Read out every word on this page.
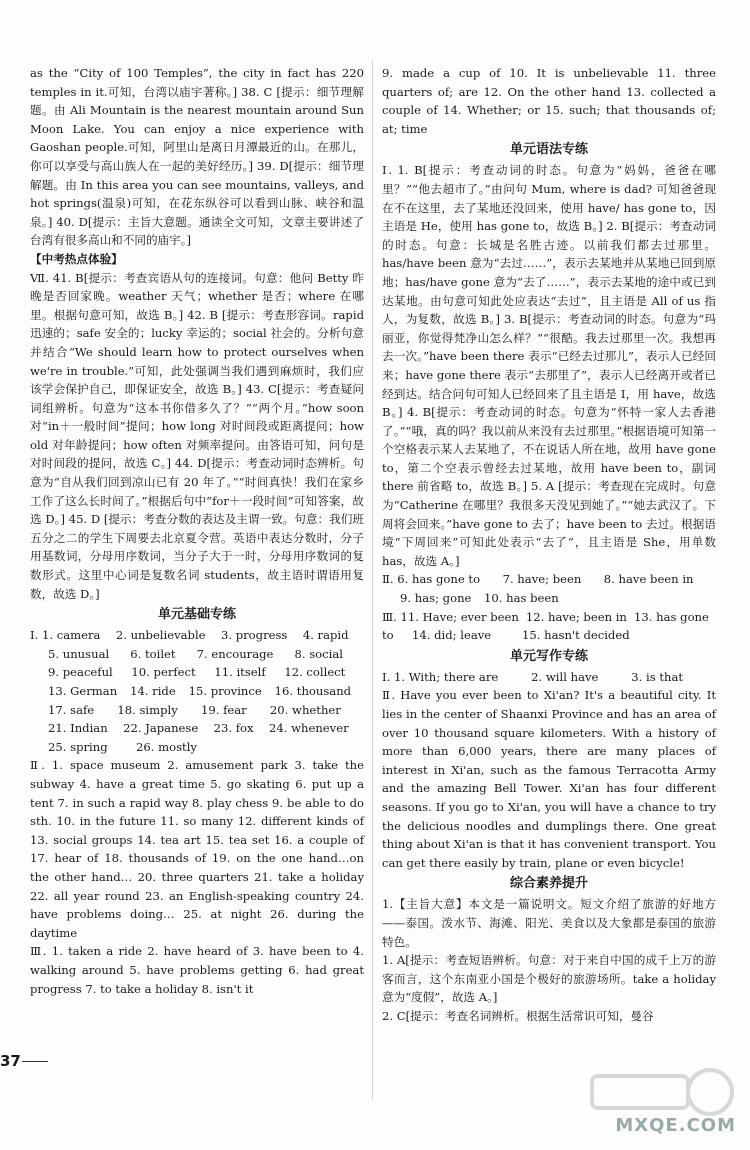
as the “City of 100 Temples”, the city in fact has 220 temples in it.可知，台湾以庙宇著称。] 38. C [提示：细节理解题。由 Ali Mountain is the nearest mountain around Sun Moon Lake. You can enjoy a nice experience with Gaoshan people.可知，阿里山是离日月潭最近的山。在那儿，你可以享受与高山族人在一起的美好经历。] 39. D[提示：细节理解题。由 In this area you can see mountains, valleys, and hot springs(温泉)可知，在花东纵谷可以看到山脉、峡谷和温泉。] 40. D[提示：主旨大意题。通读全文可知，文章主要讲述了台湾有很多高山和不同的庙宇。]
【中考热点体验】
Ⅶ. 41. B[提示：考查宾语从句的连接词。句意：他问 Betty 昨晚是否回家晚。weather 天气；whether 是否；where 在哪里。根据句意可知，故选 B。] 42. B [提示：考查形容词。rapid 迅速的；safe 安全的；lucky 幸运的；social 社会的。分析句意并结合“We should learn how to protect ourselves when we're in trouble.”可知，此处强调当我们遇到麻烦时，我们应该学会保护自己，即保证安全，故选 B。] 43. C[提示：考查疑问词组辨析。句意为“这本书你借多久了？”“两个月。”how soon 对“in＋一般时间”提问；how long 对时间段或距离提问；how old 对年龄提问；how often 对频率提问。由答语可知，问句是对时间段的提问，故选 C。] 44. D[提示：考查动词时态辨析。句意为“自从我们回到凉山已有 20 年了。”“时间真快！我们在家乡工作了这么长时间了。”根据后句中“for＋一段时间”可知答案，故选 D。] 45. D [提示：考查分数的表达及主谓一致。句意：我们班五分之二的学生下周要去北京夏令营。英语中表达分数时，分子用基数词，分母用序数词，当分子大于一时，分母用序数词的复数形式。这里中心词是复数名词 students，故主语时谓语用复数，故选 D。]
单元基础专练
Ⅰ. 1. camera	2. unbelievable	3. progress	4. rapid
5. unusual	6. toilet	7. encourage	8. social
9. peaceful	10. perfect	11. itself	12. collect
13. German	14. ride	15. province	16. thousand
17. safe	18. simply	19. fear	20. whether
21. Indian	22. Japanese	23. fox	24. whenever
25. spring	26. mostly
Ⅱ. 1. space museum 2. amusement park 3. take the subway 4. have a great time 5. go skating 6. put up a tent 7. in such a rapid way 8. play chess 9. be able to do sth. 10. in the future 11. so many 12. different kinds of 13. social groups 14. tea art 15. tea set 16. a couple of 17. hear of 18. thousands of 19. on the one hand…on the other hand… 20. three quarters 21. take a holiday 22. all year round 23. an English-speaking country 24. have problems doing… 25. at night 26. during the daytime
Ⅲ. 1. taken a ride 2. have heard of 3. have been to 4. walking around 5. have problems getting 6. had great progress 7. to take a holiday 8. isn't it
9. made a cup of 10. It is unbelievable 11. three quarters of; are 12. On the other hand 13. collected a couple of 14. Whether; or 15. such; that thousands of; at; time
单元语法专练
Ⅰ. 1. B[提示：考查动词的时态。句意为“妈妈，爸爸在哪里？”“他去超市了。”由问句 Mum, where is dad? 可知爸爸现在不在这里，去了某地还没回来，使用 have/ has gone to，因主语是 He，使用 has gone to，故选 B。] 2. B[提示：考查动词的时态。句意：长城是名胜古迹。以前我们都去过那里。has/have been 意为“去过……”，表示去某地并从某地已回到原地；has/have gone 意为“去了……”，表示去某地的途中或已到达某地。由句意可知此处应表达“去过”，且主语是 All of us 指人，为复数，故选 B。] 3. B[提示：考查动词的时态。句意为“玛丽亚，你觉得梵净山怎么样？”“很酷。我去过那里一次。我想再去一次。”have been there 表示“已经去过那儿”，表示人已经回来；have gone there 表示“去那里了”，表示人已经离开或者已经到达。结合问句可知人已经回来了且主语是 I，用 have，故选 B。] 4. B[提示：考查动词的时态。句意为“怀特一家人去香港了。”“哦，真的吗？我以前从来没有去过那里。”根据语境可知第一个空格表示某人去某地了，不在说话人所在地，故用 have gone to，第二个空表示曾经去过某地，故用 have been to，副词 there 前省略 to，故选 B。] 5. A [提示：考查现在完成时。句意为“Catherine 在哪里？我很多天没见到她了。”“她去武汉了。下周将会回来。”have gone to 去了；have been to 去过。根据语境“下周回来”可知此处表示“去了”，且主语是 She，用单数 has，故选 A。]
Ⅱ. 6. has gone to	7. have; been	8. have been in
9. has; gone	10. has been
Ⅲ. 11. Have; ever been 12. have; been in 13. has gone
to	14. did; leave	15. hasn't decided
单元写作专练
Ⅰ. 1. With; there are	2. will have	3. is that
Ⅱ. Have you ever been to Xi'an? It's a beautiful city. It lies in the center of Shaanxi Province and has an area of over 10 thousand square kilometers. With a history of more than 6,000 years, there are many places of interest in Xi'an, such as the famous Terracotta Army and the amazing Bell Tower. Xi'an has four different seasons. If you go to Xi'an, you will have a chance to try the delicious noodles and dumplings there. One great thing about Xi'an is that it has convenient transport. You can get there easily by train, plane or even bicycle!
综合素养提升
1.【主旨大意】本文是一篇说明文。短文介绍了旅游的好地方——泰国。泼水节、海滩、阳光、美食以及大象都是泰国的旅游特色。
1. A[提示：考查短语辨析。句意：对于来自中国的成千上万的游客而言，这个东南亚小国是个极好的旅游场所。take a holiday 意为“度假”，故选 A。]
2. C[提示：考查名词辨析。根据生活常识可知，曼谷
37
MXQE.COM
